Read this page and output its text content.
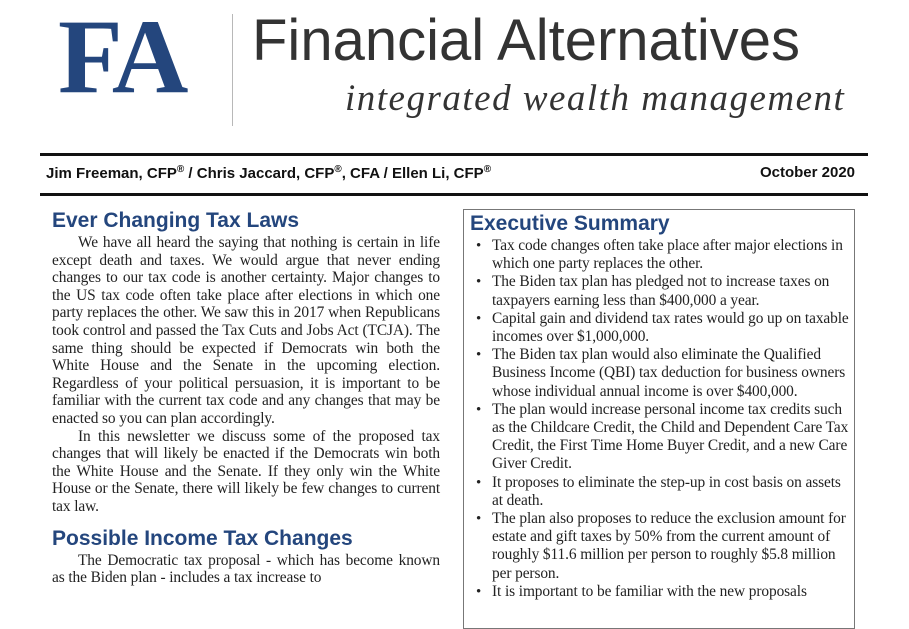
FA Financial Alternatives
integrated wealth management
Jim Freeman, CFP® / Chris Jaccard, CFP®, CFA / Ellen Li, CFP®	October 2020
Ever Changing Tax Laws

We have all heard the saying that nothing is certain in life except death and taxes. We would argue that never ending changes to our tax code is another certainty. Major changes to the US tax code often take place after elections in which one party replaces the other. We saw this in 2017 when Republicans took control and passed the Tax Cuts and Jobs Act (TCJA). The same thing should be expected if Democrats win both the White House and the Senate in the upcoming election. Regardless of your political persuasion, it is important to be familiar with the current tax code and any changes that may be enacted so you can plan accordingly.

In this newsletter we discuss some of the proposed tax changes that will likely be enacted if the Democrats win both the White House and the Senate. If they only win the White House or the Senate, there will likely be few changes to current tax law.

Possible Income Tax Changes

The Democratic tax proposal - which has become known as the Biden plan - includes a tax increase to

Executive Summary
• Tax code changes often take place after major elections in which one party replaces the other.
• The Biden tax plan has pledged not to increase taxes on taxpayers earning less than $400,000 a year.
• Capital gain and dividend tax rates would go up on taxable incomes over $1,000,000.
• The Biden tax plan would also eliminate the Qualified Business Income (QBI) tax deduction for business owners whose individual annual income is over $400,000.
• The plan would increase personal income tax credits such as the Childcare Credit, the Child and Dependent Care Tax Credit, the First Time Home Buyer Credit, and a new Care Giver Credit.
• It proposes to eliminate the step-up in cost basis on assets at death.
• The plan also proposes to reduce the exclusion amount for estate and gift taxes by 50% from the current amount of roughly $11.6 million per person to roughly $5.8 million per person.
• It is important to be familiar with the new proposals
